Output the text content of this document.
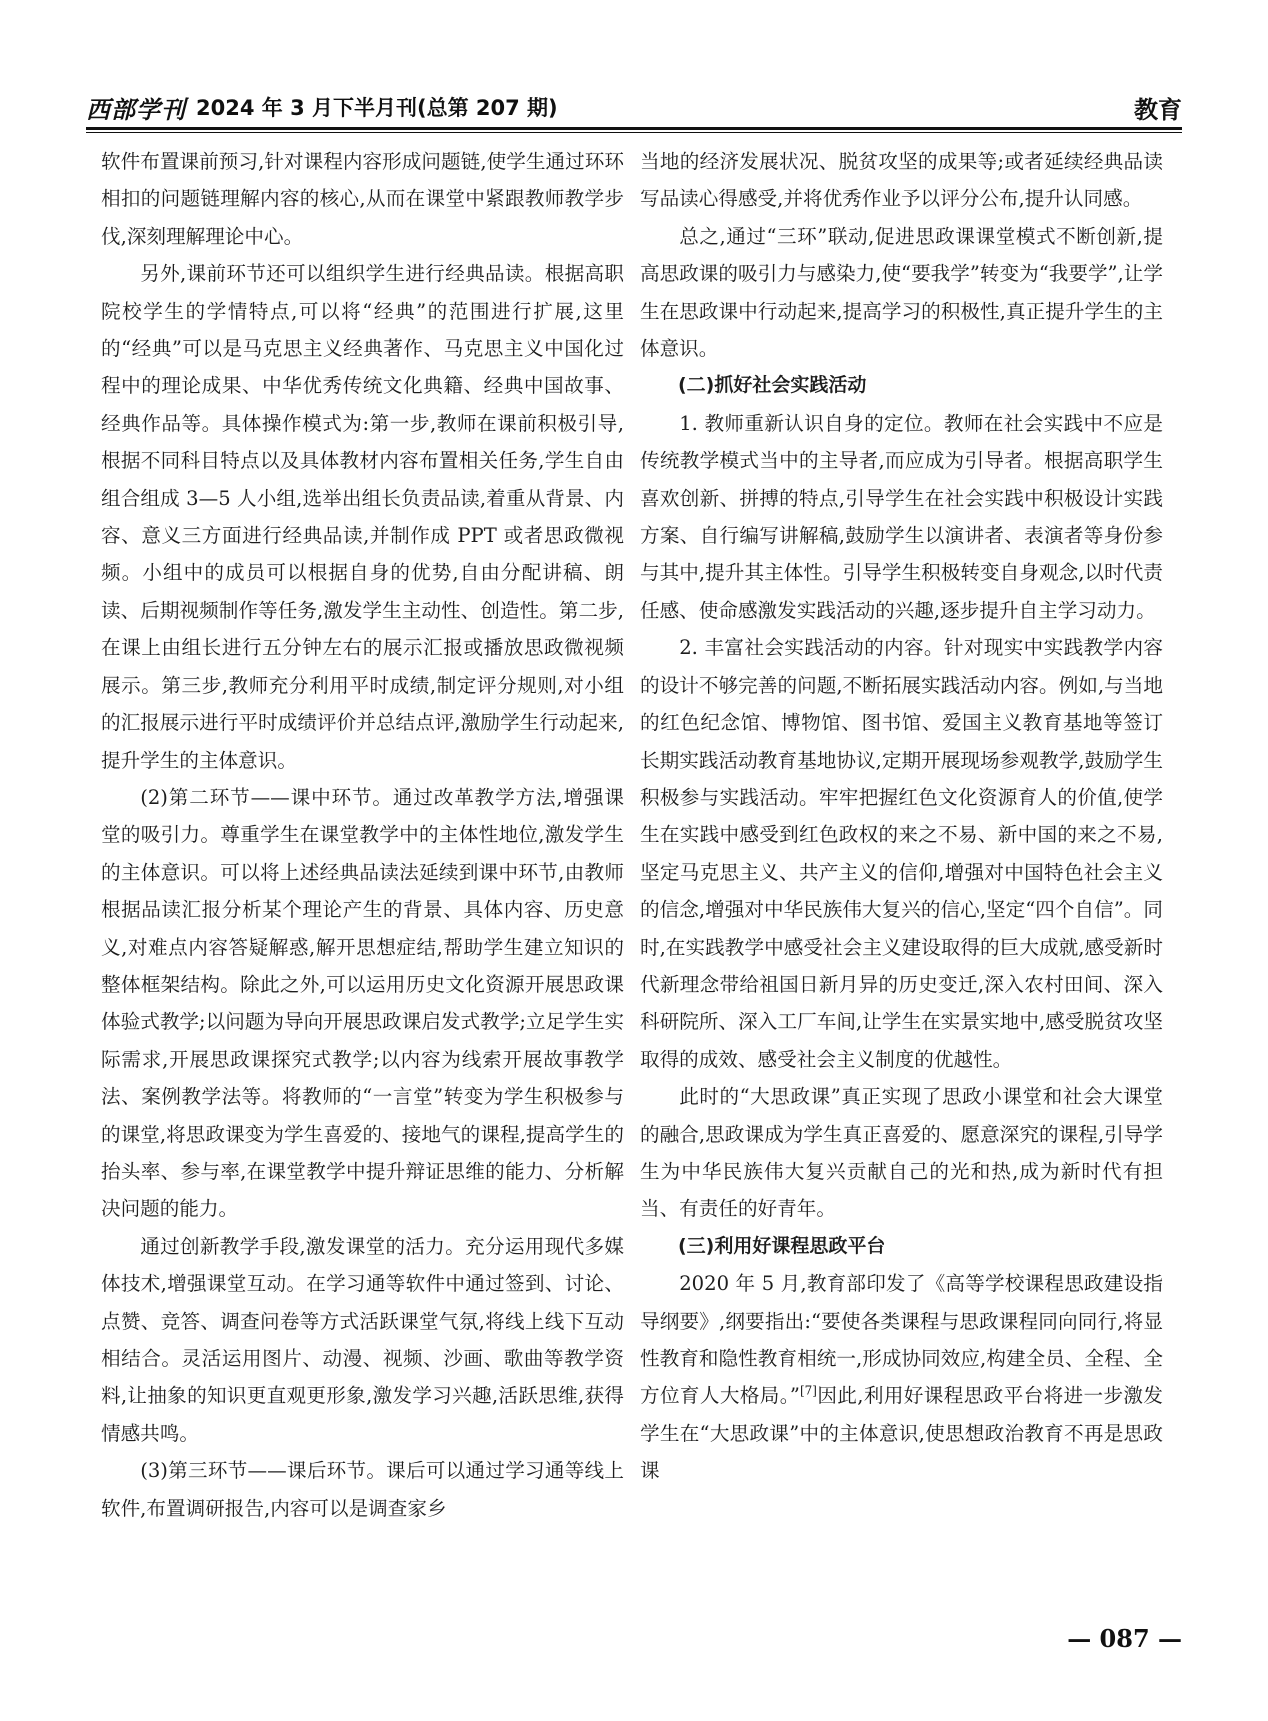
西部学刊 2024 年 3 月下半月刊(总第 207 期)	教育

软件布置课前预习,针对课程内容形成问题链,使学生通过环环相扣的问题链理解内容的核心,从而在课堂中紧跟教师教学步伐,深刻理解理论中心。

另外,课前环节还可以组织学生进行经典品读。根据高职院校学生的学情特点,可以将“经典”的范围进行扩展,这里的“经典”可以是马克思主义经典著作、马克思主义中国化过程中的理论成果、中华优秀传统文化典籍、经典中国故事、经典作品等。具体操作模式为:第一步,教师在课前积极引导,根据不同科目特点以及具体教材内容布置相关任务,学生自由组合组成 3—5 人小组,选举出组长负责品读,着重从背景、内容、意义三方面进行经典品读,并制作成 PPT 或者思政微视频。小组中的成员可以根据自身的优势,自由分配讲稿、朗读、后期视频制作等任务,激发学生主动性、创造性。第二步,在课上由组长进行五分钟左右的展示汇报或播放思政微视频展示。第三步,教师充分利用平时成绩,制定评分规则,对小组的汇报展示进行平时成绩评价并总结点评,激励学生行动起来,提升学生的主体意识。

(2)第二环节——课中环节。通过改革教学方法,增强课堂的吸引力。尊重学生在课堂教学中的主体性地位,激发学生的主体意识。可以将上述经典品读法延续到课中环节,由教师根据品读汇报分析某个理论产生的背景、具体内容、历史意义,对难点内容答疑解惑,解开思想症结,帮助学生建立知识的整体框架结构。除此之外,可以运用历史文化资源开展思政课体验式教学;以问题为导向开展思政课启发式教学;立足学生实际需求,开展思政课探究式教学;以内容为线索开展故事教学法、案例教学法等。将教师的“一言堂”转变为学生积极参与的课堂,将思政课变为学生喜爱的、接地气的课程,提高学生的抬头率、参与率,在课堂教学中提升辩证思维的能力、分析解决问题的能力。

通过创新教学手段,激发课堂的活力。充分运用现代多媒体技术,增强课堂互动。在学习通等软件中通过签到、讨论、点赞、竞答、调查问卷等方式活跃课堂气氛,将线上线下互动相结合。灵活运用图片、动漫、视频、沙画、歌曲等教学资料,让抽象的知识更直观更形象,激发学习兴趣,活跃思维,获得情感共鸣。

(3)第三环节——课后环节。课后可以通过学习通等线上软件,布置调研报告,内容可以是调查家乡

当地的经济发展状况、脱贫攻坚的成果等;或者延续经典品读写品读心得感受,并将优秀作业予以评分公布,提升认同感。

总之,通过“三环”联动,促进思政课课堂模式不断创新,提高思政课的吸引力与感染力,使“要我学”转变为“我要学”,让学生在思政课中行动起来,提高学习的积极性,真正提升学生的主体意识。

(二)抓好社会实践活动

1. 教师重新认识自身的定位。教师在社会实践中不应是传统教学模式当中的主导者,而应成为引导者。根据高职学生喜欢创新、拼搏的特点,引导学生在社会实践中积极设计实践方案、自行编写讲解稿,鼓励学生以演讲者、表演者等身份参与其中,提升其主体性。引导学生积极转变自身观念,以时代责任感、使命感激发实践活动的兴趣,逐步提升自主学习动力。

2. 丰富社会实践活动的内容。针对现实中实践教学内容的设计不够完善的问题,不断拓展实践活动内容。例如,与当地的红色纪念馆、博物馆、图书馆、爱国主义教育基地等签订长期实践活动教育基地协议,定期开展现场参观教学,鼓励学生积极参与实践活动。牢牢把握红色文化资源育人的价值,使学生在实践中感受到红色政权的来之不易、新中国的来之不易,坚定马克思主义、共产主义的信仰,增强对中国特色社会主义的信念,增强对中华民族伟大复兴的信心,坚定“四个自信”。同时,在实践教学中感受社会主义建设取得的巨大成就,感受新时代新理念带给祖国日新月异的历史变迁,深入农村田间、深入科研院所、深入工厂车间,让学生在实景实地中,感受脱贫攻坚取得的成效、感受社会主义制度的优越性。

此时的“大思政课”真正实现了思政小课堂和社会大课堂的融合,思政课成为学生真正喜爱的、愿意深究的课程,引导学生为中华民族伟大复兴贡献自己的光和热,成为新时代有担当、有责任的好青年。

(三)利用好课程思政平台

2020 年 5 月,教育部印发了《高等学校课程思政建设指导纲要》,纲要指出:“要使各类课程与思政课程同向同行,将显性教育和隐性教育相统一,形成协同效应,构建全员、全程、全方位育人大格局。”[7]因此,利用好课程思政平台将进一步激发学生在“大思政课”中的主体意识,使思想政治教育不再是思政课

— 087 —
